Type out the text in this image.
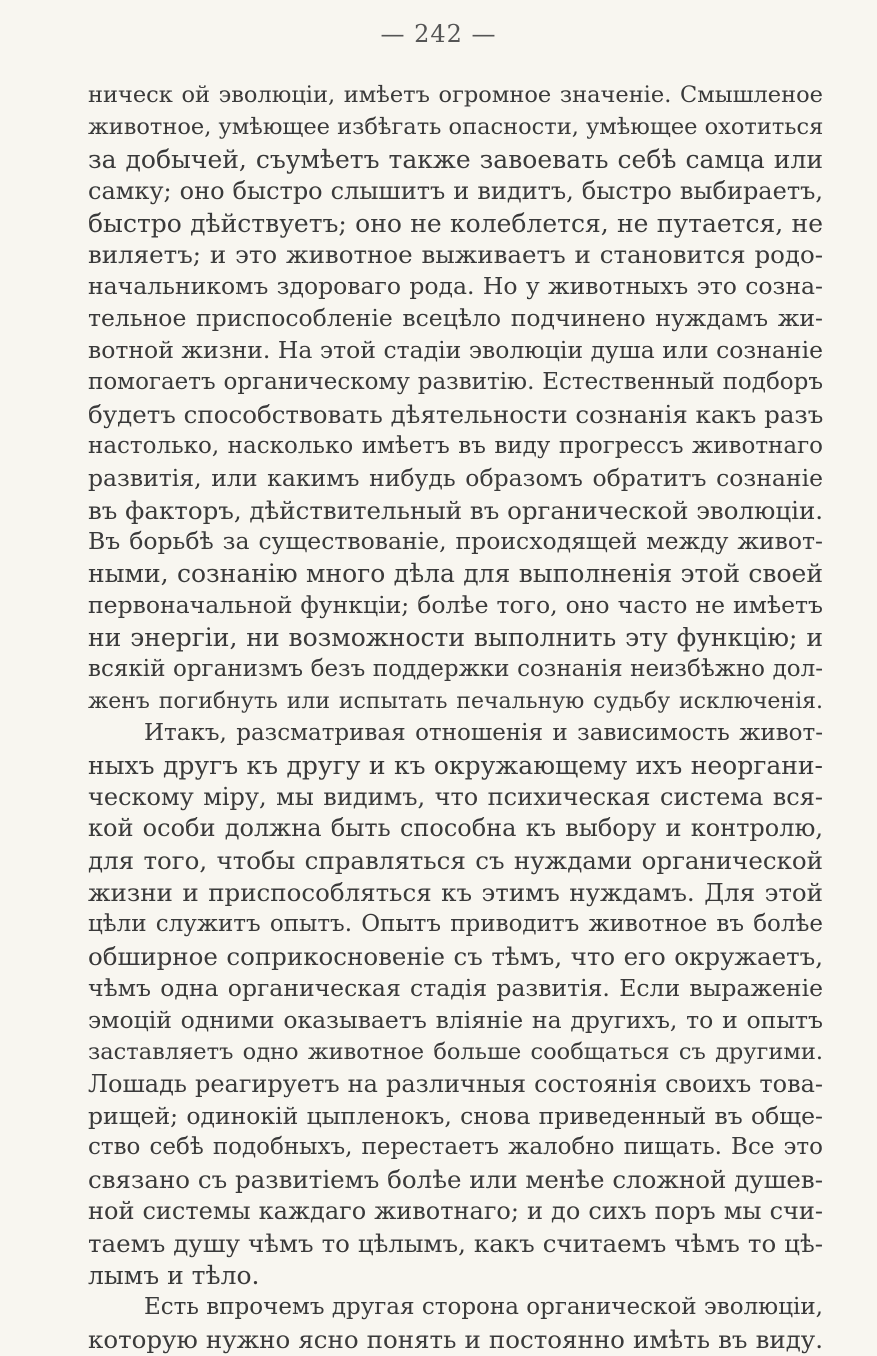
— 242 —
ническ ой эволюціи, имѣетъ огромное значеніе. Смышленое
животное, умѣющее избѣгать опасности, умѣющее охотиться
за добычей, съумѣетъ также завоевать себѣ самца или
самку; оно быстро слышитъ и видитъ, быстро выбираетъ,
быстро дѣйствуетъ; оно не колеблется, не путается, не
виляетъ; и это животное выживаетъ и становится родо-
начальникомъ здороваго рода. Но у животныхъ это созна-
тельное приспособленіе всецѣло подчинено нуждамъ жи-
вотной жизни. На этой стадіи эволюціи душа или сознаніе
помогаетъ органическому развитію. Естественный подборъ
будетъ способствовать дѣятельности сознанія какъ разъ
настолько, насколько имѣетъ въ виду прогрессъ животнаго
развитія, или какимъ нибудь образомъ обратитъ сознаніе
въ факторъ, дѣйствительный въ органической эволюціи.
Въ борьбѣ за существованіе, происходящей между живот-
ными, сознанію много дѣла для выполненія этой своей
первоначальной функціи; болѣе того, оно часто не имѣетъ
ни энергіи, ни возможности выполнить эту функцію; и
всякій организмъ безъ поддержки сознанія неизбѣжно дол-
женъ погибнуть или испытать печальную судьбу исключенія.
Итакъ, разсматривая отношенія и зависимость живот-
ныхъ другъ къ другу и къ окружающему ихъ неоргани-
ческому міру, мы видимъ, что психическая система вся-
кой особи должна быть способна къ выбору и контролю,
для того, чтобы справляться съ нуждами органической
жизни и приспособляться къ этимъ нуждамъ. Для этой
цѣли служитъ опытъ. Опытъ приводитъ животное въ болѣе
обширное соприкосновеніе съ тѣмъ, что его окружаетъ,
чѣмъ одна органическая стадія развитія. Если выраженіе
эмоцій одними оказываетъ вліяніе на другихъ, то и опытъ
заставляетъ одно животное больше сообщаться съ другими.
Лошадь реагируетъ на различныя состоянія своихъ това-
рищей; одинокій цыпленокъ, снова приведенный въ обще-
ство себѣ подобныхъ, перестаетъ жалобно пищать. Все это
связано съ развитіемъ болѣе или менѣе сложной душев-
ной системы каждаго животнаго; и до сихъ поръ мы счи-
таемъ душу чѣмъ то цѣлымъ, какъ считаемъ чѣмъ то цѣ-
лымъ и тѣло.
Есть впрочемъ другая сторона органической эволюціи,
которую нужно ясно понять и постоянно имѣть въ виду.
